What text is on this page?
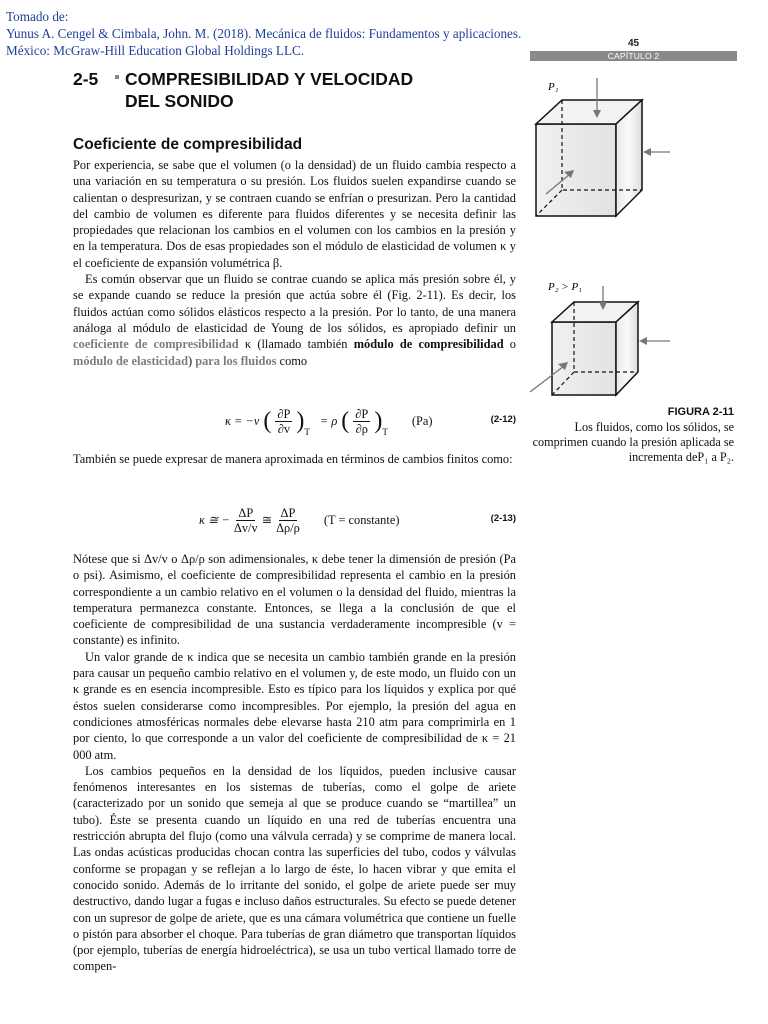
Tomado de:
Yunus A. Cengel & Cimbala, John. M. (2018). Mecánica de fluidos: Fundamentos y aplicaciones.
México: McGraw-Hill Education Global Holdings LLC.	45
CAPÍTULO 2
2-5 COMPRESIBILIDAD Y VELOCIDAD
DEL SONIDO
Coeficiente de compresibilidad

Por experiencia, se sabe que el volumen (o la densidad) de un fluido cambia respecto a una variación en su temperatura o su presión. Los fluidos suelen expandirse cuando se calientan o despresurizan, y se contraen cuando se enfrían o presurizan. Pero la cantidad del cambio de volumen es diferente para fluidos diferentes y se necesita definir las propiedades que relacionan los cambios en el volumen con los cambios en la presión y en la temperatura. Dos de esas propiedades son el módulo de elasticidad de volumen κ y el coeficiente de expansión volumétrica β.

Es común observar que un fluido se contrae cuando se aplica más presión sobre él, y se expande cuando se reduce la presión que actúa sobre él (Fig. 2-11). Es decir, los fluidos actúan como sólidos elásticos respecto a la presión. Por lo tanto, de una manera análoga al módulo de elasticidad de Young de los sólidos, es apropiado definir un coeficiente de compresibilidad κ (llamado también módulo de compresibilidad o módulo de elasticidad) para los fluidos como

κ = −v ( $\frac{\partial P}{\partial v} )_T$
= ρ ( $\frac{\partial P}{\partial\rho} )_T$
(Pa)	(2-12)

También se puede expresar de manera aproximada en términos de cambios finitos como:

κ ≅ − $\frac{\Delta P}{\Delta v/v}$ ≅ $\frac{\Delta P}{\Delta\rho/\rho} (T$ = constante)	(2-13)

Nótese que si Δv/v o Δρ/ρ son adimensionales, κ debe tener la dimensión de presión (Pa o psi). Asimismo, el coeficiente de compresibilidad representa el cambio en la presión correspondiente a un cambio relativo en el volumen o la densidad del fluido, mientras la temperatura permanezca constante. Entonces, se llega a la conclusión de que el coeficiente de compresibilidad de una sustancia verdaderamente incompresible (v = constante) es infinito.

Un valor grande de κ indica que se necesita un cambio también grande en la presión para causar un pequeño cambio relativo en el volumen y, de este modo, un fluido con un κ grande es en esencia incompresible. Esto es típico para los líquidos y explica por qué éstos suelen considerarse como incompresibles. Por ejemplo, la presión del agua en condiciones atmosféricas normales debe elevarse hasta 210 atm para comprimirla en 1 por ciento, lo que corresponde a un valor del coeficiente de compresibilidad de κ = 21 000 atm.

Los cambios pequeños en la densidad de los líquidos, pueden inclusive causar fenómenos interesantes en los sistemas de tuberías, como el golpe de ariete (caracterizado por un sonido que semeja al que se produce cuando se “martillea” un tubo). Éste se presenta cuando un líquido en una red de tuberías encuentra una restricción abrupta del flujo (como una válvula cerrada) y se comprime de manera local. Las ondas acústicas producidas chocan contra las superficies del tubo, codos y válvulas conforme se propagan y se reflejan a lo largo de éste, lo hacen vibrar y que emita el conocido sonido. Además de lo irritante del sonido, el golpe de ariete puede ser muy destructivo, dando lugar a fugas e incluso daños estructurales. Su efecto se puede detener con un supresor de golpe de ariete, que es una cámara volumétrica que contiene un fuelle o pistón para absorber el choque. Para tuberías de gran diámetro que transportan líquidos (por ejemplo, tuberías de energía hidroeléctrica), se usa un tubo vertical llamado torre de compen-

P₁
P₂ > P₁
FIGURA 2-11
Los fluidos, como los sólidos, se comprimen cuando la presión aplicada se incrementa deP₁ a P₂.
